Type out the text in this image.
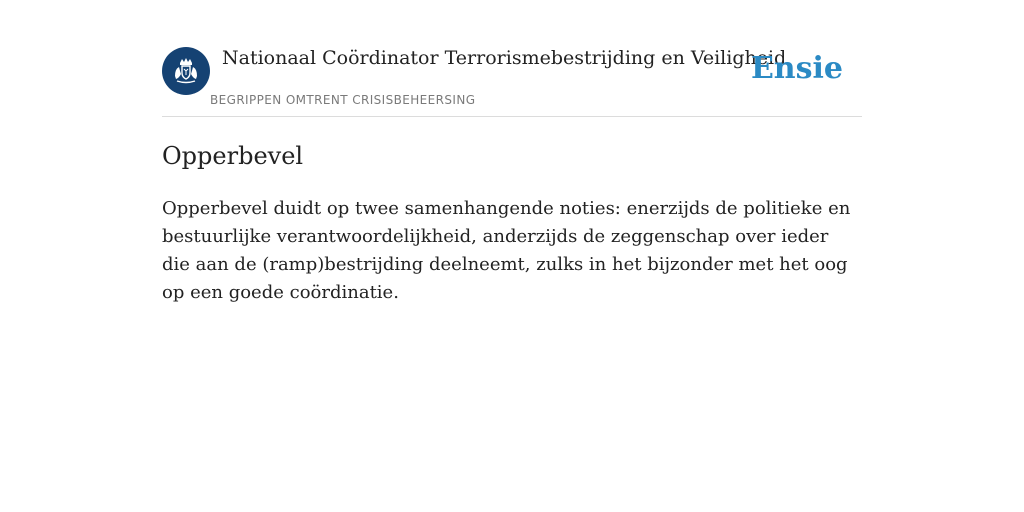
Nationaal Coördinator Terrorismebestrijding en Veiligheid
BEGRIPPEN OMTRENT CRISISBEHEERSING
Ensie
Opperbevel

Opperbevel duidt op twee samenhangende noties: enerzijds de politieke en bestuurlijke verantwoordelijkheid, anderzijds de zeggenschap over ieder die aan de (ramp)bestrijding deelneemt, zulks in het bijzonder met het oog op een goede coördinatie.
